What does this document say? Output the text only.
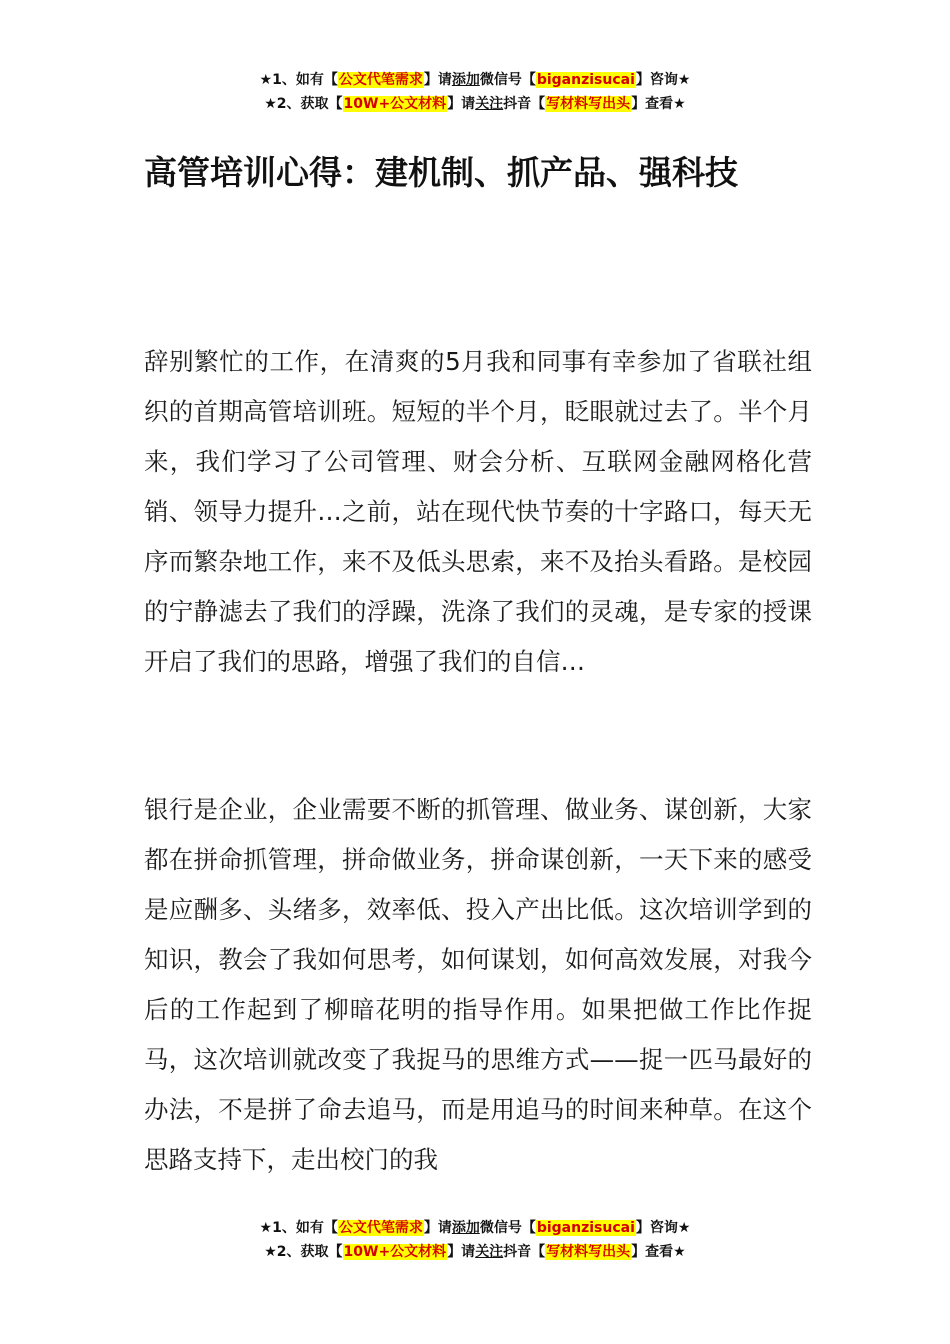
★1、如有【公文代笔需求】请添加微信号【biganzisucai】咨询★
★2、获取【10W+公文材料】请关注抖音【写材料写出头】查看★
高管培训心得：建机制、抓产品、强科技

辞别繁忙的工作，在清爽的5月我和同事有幸参加了省联社组织的首期高管培训班。短短的半个月，眨眼就过去了。半个月来，我们学习了公司管理、财会分析、互联网金融网格化营销、领导力提升…之前，站在现代快节奏的十字路口，每天无序而繁杂地工作，来不及低头思索，来不及抬头看路。是校园的宁静滤去了我们的浮躁，洗涤了我们的灵魂，是专家的授课开启了我们的思路，增强了我们的自信…

银行是企业，企业需要不断的抓管理、做业务、谋创新，大家都在拼命抓管理，拼命做业务，拼命谋创新，一天下来的感受是应酬多、头绪多，效率低、投入产出比低。这次培训学到的知识，教会了我如何思考，如何谋划，如何高效发展，对我今后的工作起到了柳暗花明的指导作用。如果把做工作比作捉马，这次培训就改变了我捉马的思维方式——捉一匹马最好的办法，不是拼了命去追马，而是用追马的时间来种草。在这个思路支持下，走出校门的我

★1、如有【公文代笔需求】请添加微信号【biganzisucai】咨询★
★2、获取【10W+公文材料】请关注抖音【写材料写出头】查看★
